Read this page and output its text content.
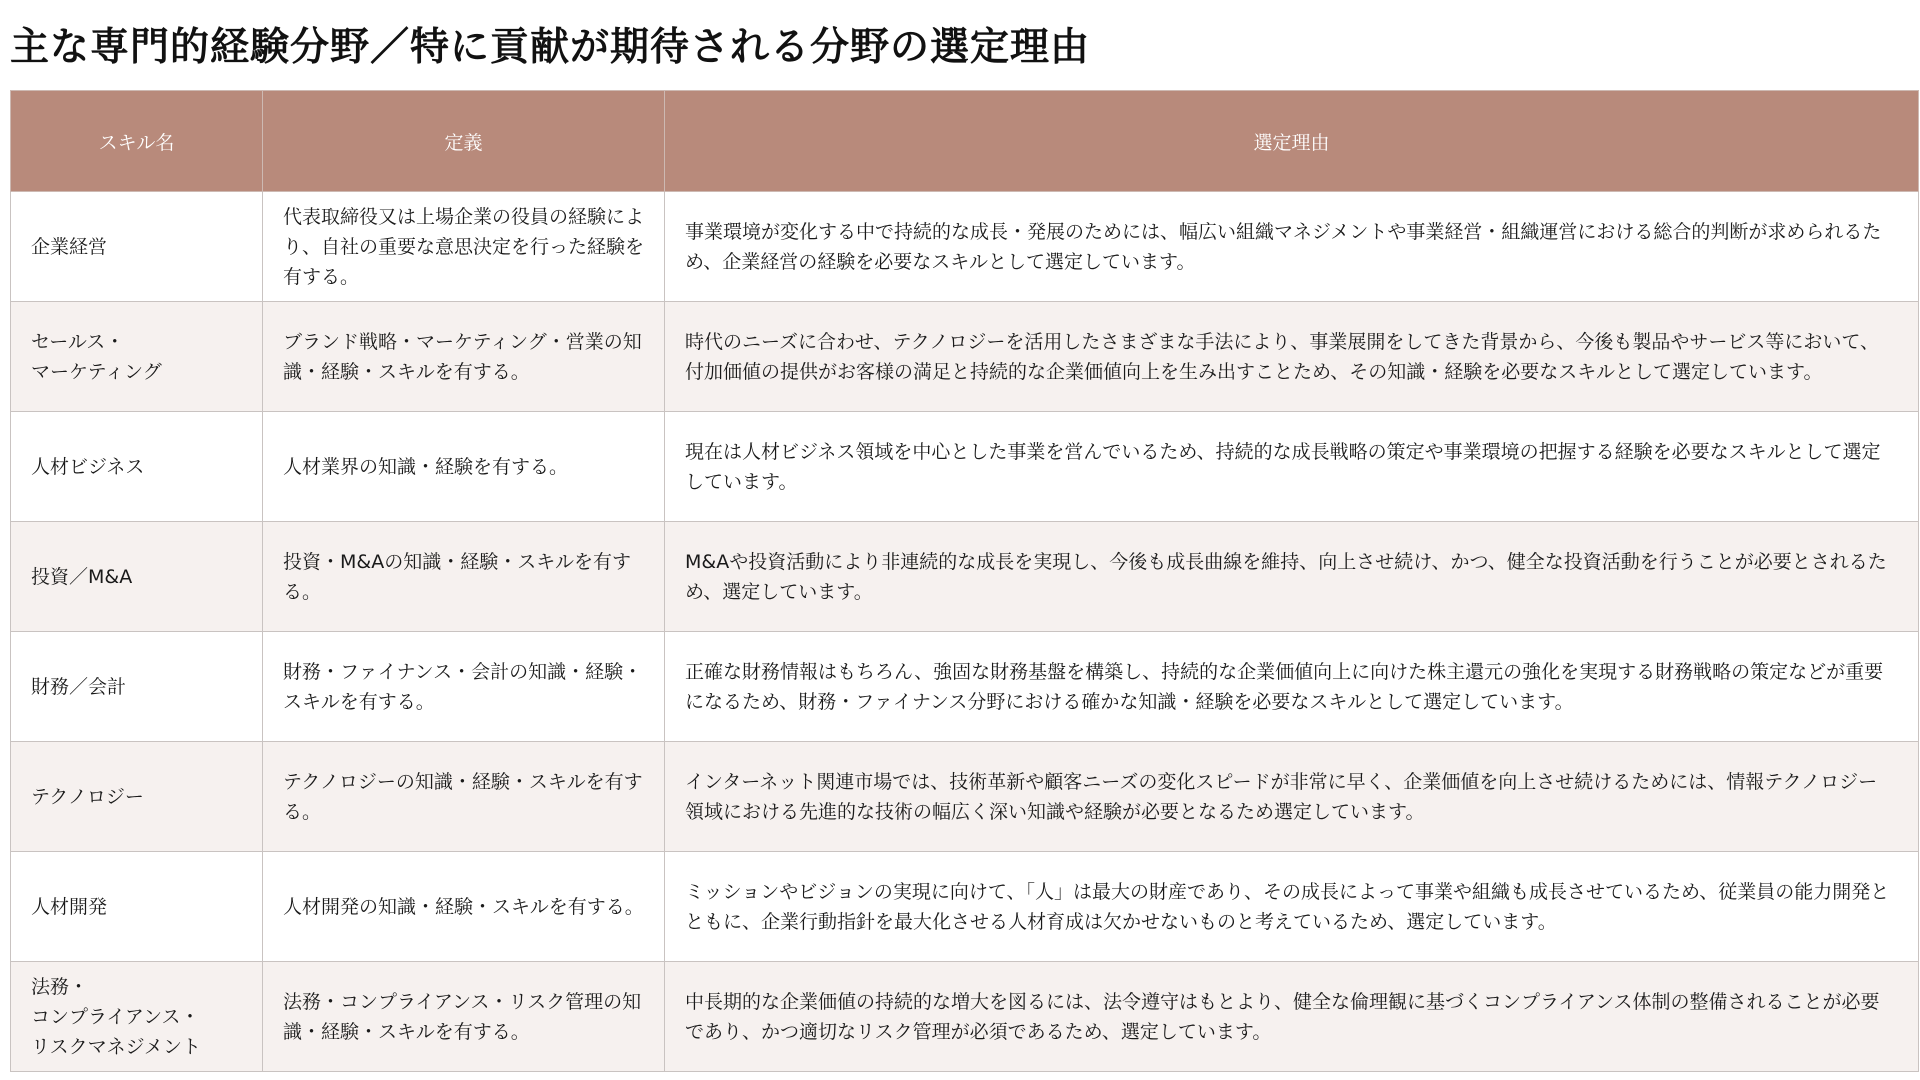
主な専門的経験分野／特に貢献が期待される分野の選定理由
スキル名	定義	選定理由
企業経営	代表取締役又は上場企業の役員の経験により、自社の重要な意思決定を行った経験を有する。	事業環境が変化する中で持続的な成長・発展のためには、幅広い組織マネジメントや事業経営・組織運営における総合的判断が求められるため、企業経営の経験を必要なスキルとして選定しています。
セールス・
マーケティング	ブランド戦略・マーケティング・営業の知識・経験・スキルを有する。	時代のニーズに合わせ、テクノロジーを活用したさまざまな手法により、事業展開をしてきた背景から、今後も製品やサービス等において、付加価値の提供がお客様の満足と持続的な企業価値向上を生み出すことため、その知識・経験を必要なスキルとして選定しています。
人材ビジネス	人材業界の知識・経験を有する。	現在は人材ビジネス領域を中心とした事業を営んでいるため、持続的な成長戦略の策定や事業環境の把握する経験を必要なスキルとして選定しています。
投資／M&A	投資・M&Aの知識・経験・スキルを有する。	M&Aや投資活動により非連続的な成長を実現し、今後も成長曲線を維持、向上させ続け、かつ、健全な投資活動を行うことが必要とされるため、選定しています。
財務／会計	財務・ファイナンス・会計の知識・経験・スキルを有する。	正確な財務情報はもちろん、強固な財務基盤を構築し、持続的な企業価値向上に向けた株主還元の強化を実現する財務戦略の策定などが重要になるため、財務・ファイナンス分野における確かな知識・経験を必要なスキルとして選定しています。
テクノロジー	テクノロジーの知識・経験・スキルを有する。	インターネット関連市場では、技術革新や顧客ニーズの変化スピードが非常に早く、企業価値を向上させ続けるためには、情報テクノロジー領域における先進的な技術の幅広く深い知識や経験が必要となるため選定しています。
人材開発	人材開発の知識・経験・スキルを有する。	ミッションやビジョンの実現に向けて、「人」は最大の財産であり、その成長によって事業や組織も成長させているため、従業員の能力開発とともに、企業行動指針を最大化させる人材育成は欠かせないものと考えているため、選定しています。
法務・
コンプライアンス・
リスクマネジメント	法務・コンプライアンス・リスク管理の知識・経験・スキルを有する。	中長期的な企業価値の持続的な増大を図るには、法令遵守はもとより、健全な倫理観に基づくコンプライアンス体制の整備されることが必要であり、かつ適切なリスク管理が必須であるため、選定しています。
